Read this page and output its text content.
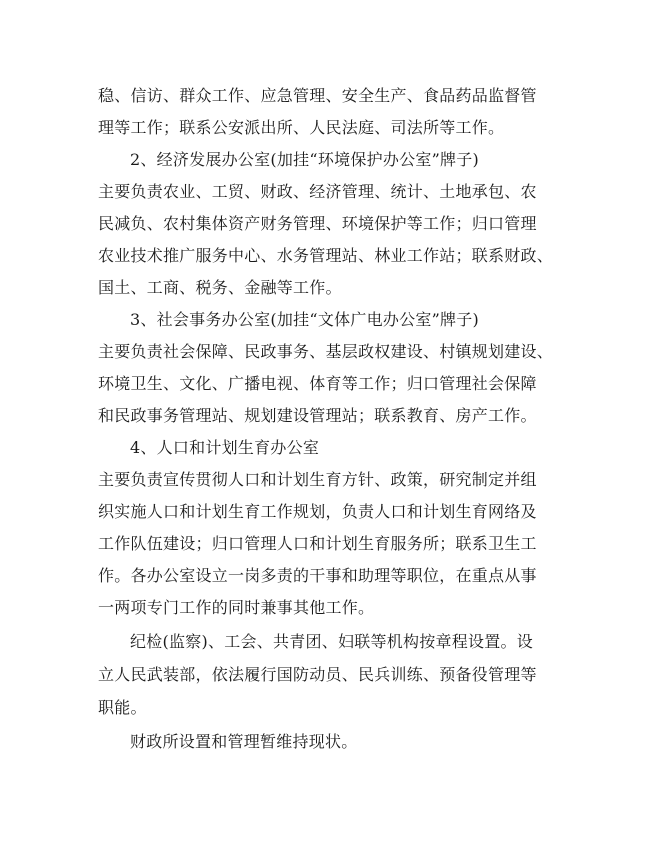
稳、信访、群众工作、应急管理、安全生产、食品药品监督管
理等工作；联系公安派出所、人民法庭、司法所等工作。
2、经济发展办公室(加挂“环境保护办公室”牌子)
主要负责农业、工贸、财政、经济管理、统计、土地承包、农
民减负、农村集体资产财务管理、环境保护等工作；归口管理
农业技术推广服务中心、水务管理站、林业工作站；联系财政、
国土、工商、税务、金融等工作。
3、社会事务办公室(加挂“文体广电办公室”牌子)
主要负责社会保障、民政事务、基层政权建设、村镇规划建设、
环境卫生、文化、广播电视、体育等工作；归口管理社会保障
和民政事务管理站、规划建设管理站；联系教育、房产工作。
4、人口和计划生育办公室
主要负责宣传贯彻人口和计划生育方针、政策，研究制定并组
织实施人口和计划生育工作规划，负责人口和计划生育网络及
工作队伍建设；归口管理人口和计划生育服务所；联系卫生工
作。各办公室设立一岗多责的干事和助理等职位，在重点从事
一两项专门工作的同时兼事其他工作。
纪检(监察)、工会、共青团、妇联等机构按章程设置。设
立人民武装部，依法履行国防动员、民兵训练、预备役管理等
职能。
财政所设置和管理暂维持现状。
